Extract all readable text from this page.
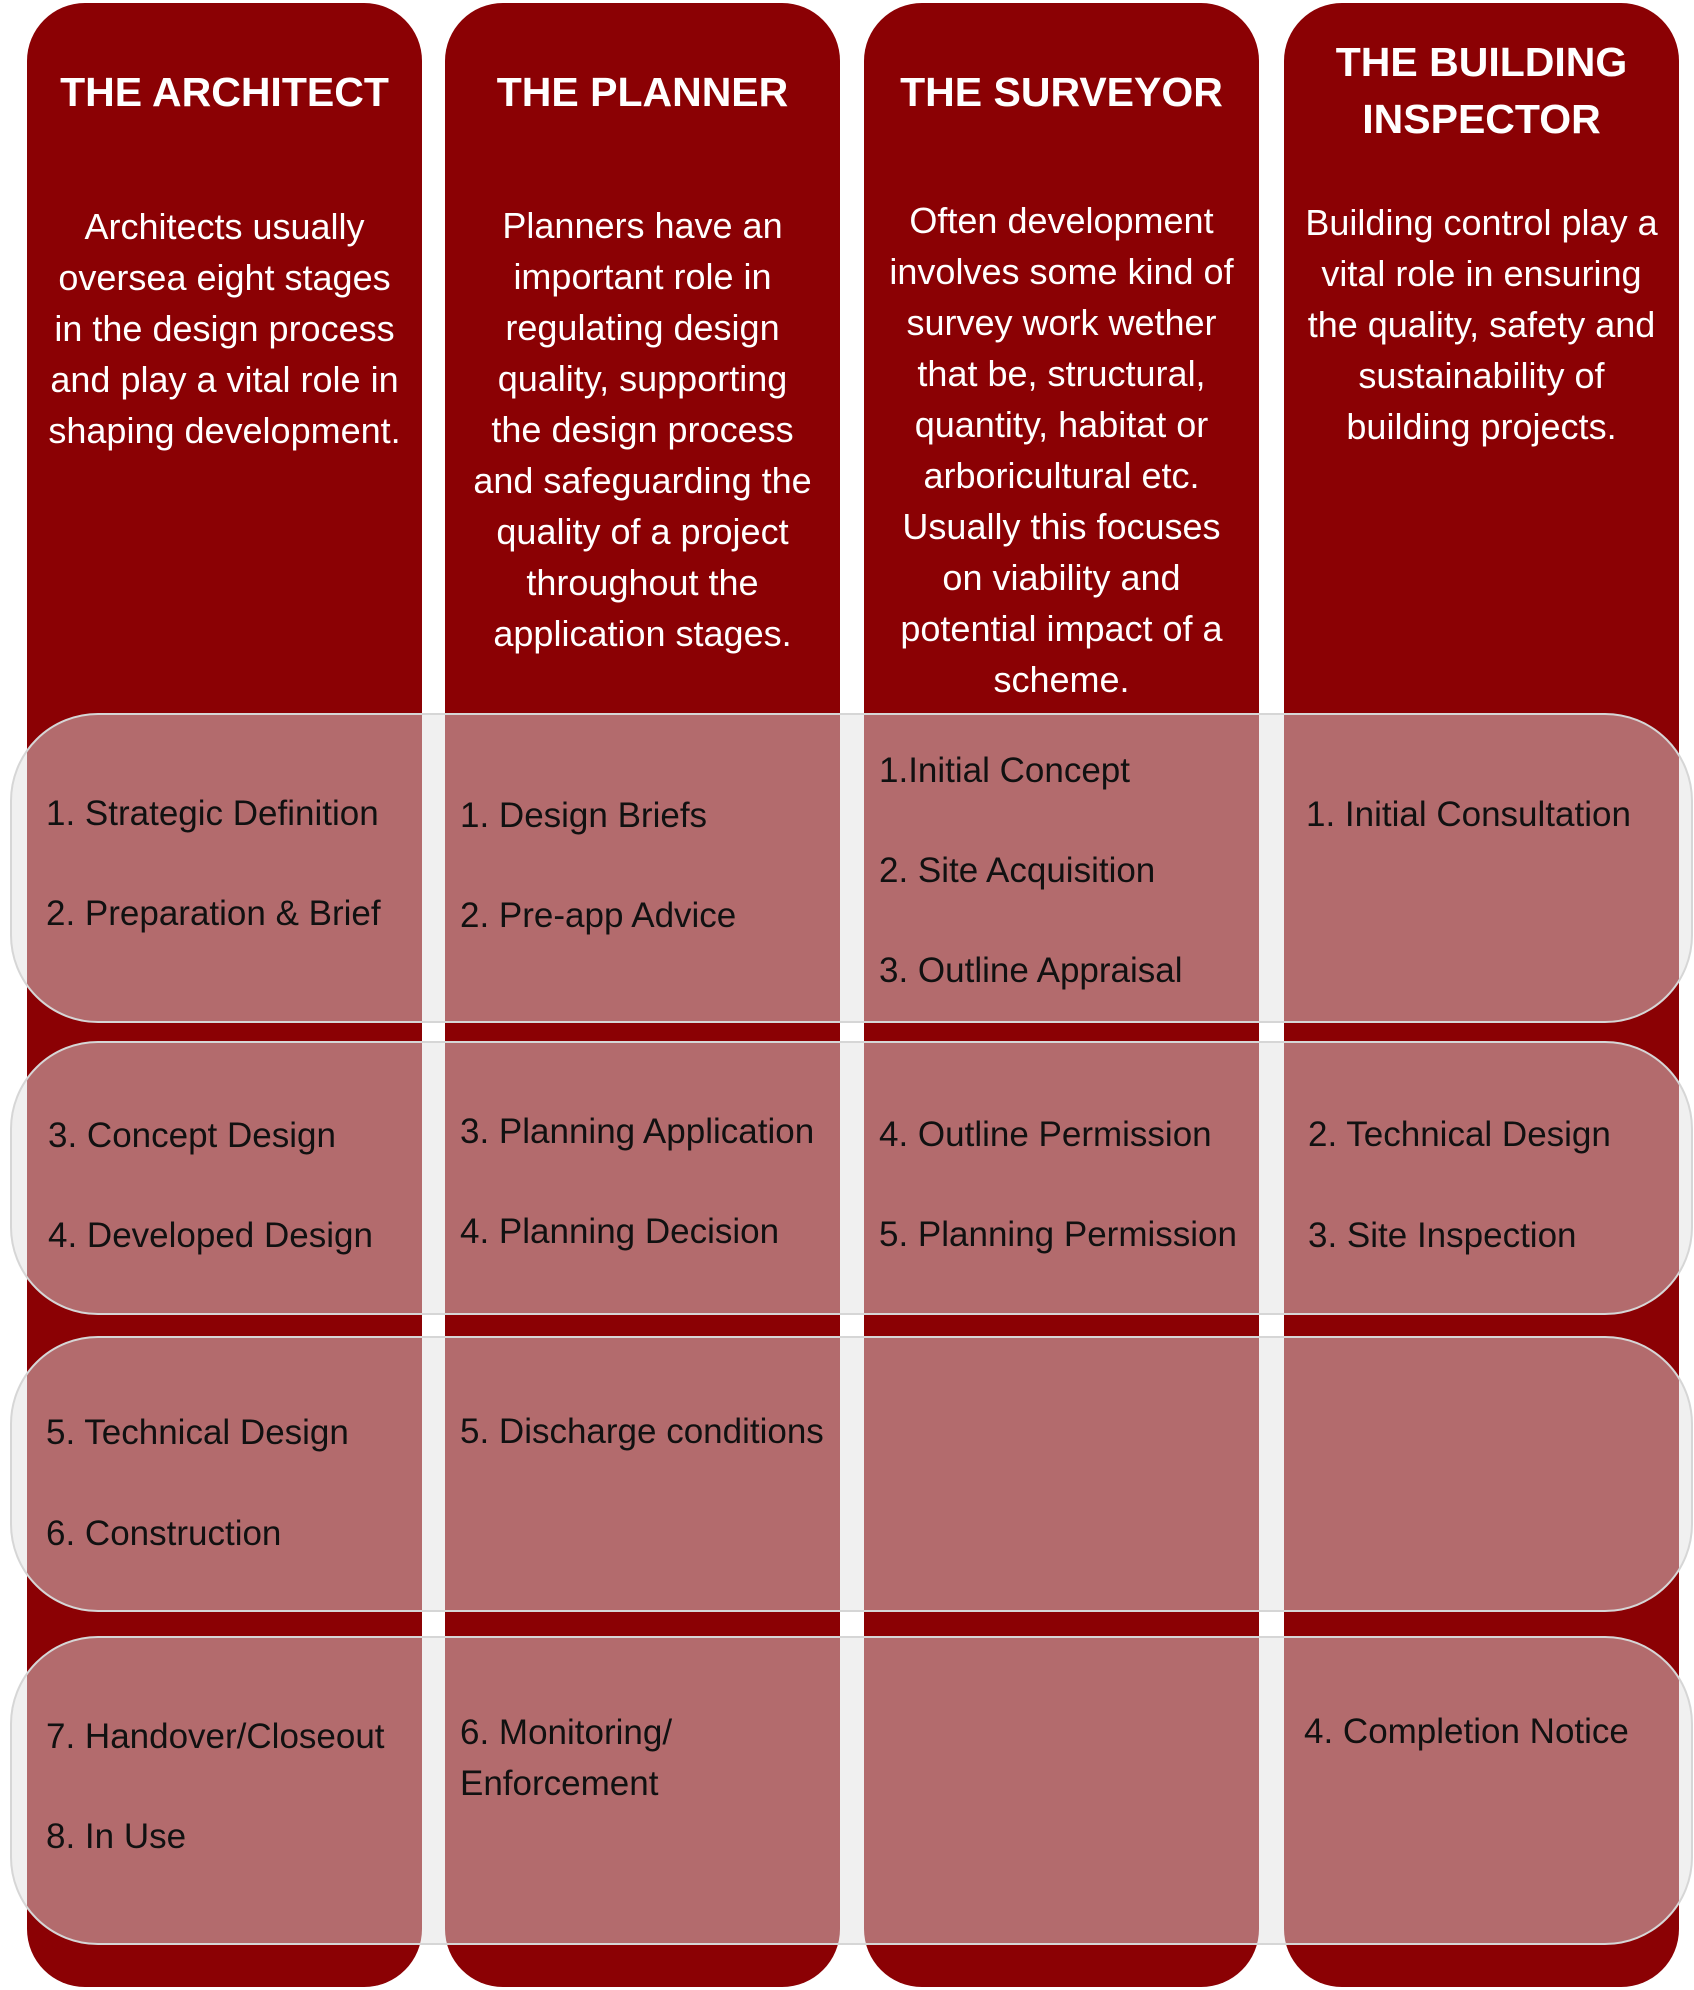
THE ARCHITECT
Architects usually
oversea eight stages
in the design process
and play a vital role in
shaping development.
THE PLANNER
Planners have an
important role in
regulating design
quality, supporting
the design process
and safeguarding the
quality of a project
throughout the
application stages.
THE SURVEYOR
Often development
involves some kind of
survey work wether
that be, structural,
quantity, habitat or
arboricultural etc.
Usually this focuses
on viability and
potential impact of a
scheme.
THE BUILDING
INSPECTOR
Building control play a
vital role in ensuring
the quality, safety and
sustainability of
building projects.
1. Strategic Definition
2. Preparation & Brief
3. Concept Design
4. Developed Design
5. Technical Design
6. Construction
7. Handover/Closeout
8. In Use
1. Design Briefs
2. Pre-app Advice
3. Planning Application
4. Planning Decision
5. Discharge conditions
6. Monitoring/
Enforcement
1.Initial Concept
2. Site Acquisition
3. Outline Appraisal
4. Outline Permission
5. Planning Permission
1. Initial Consultation
2. Technical Design
3. Site Inspection
4. Completion Notice
